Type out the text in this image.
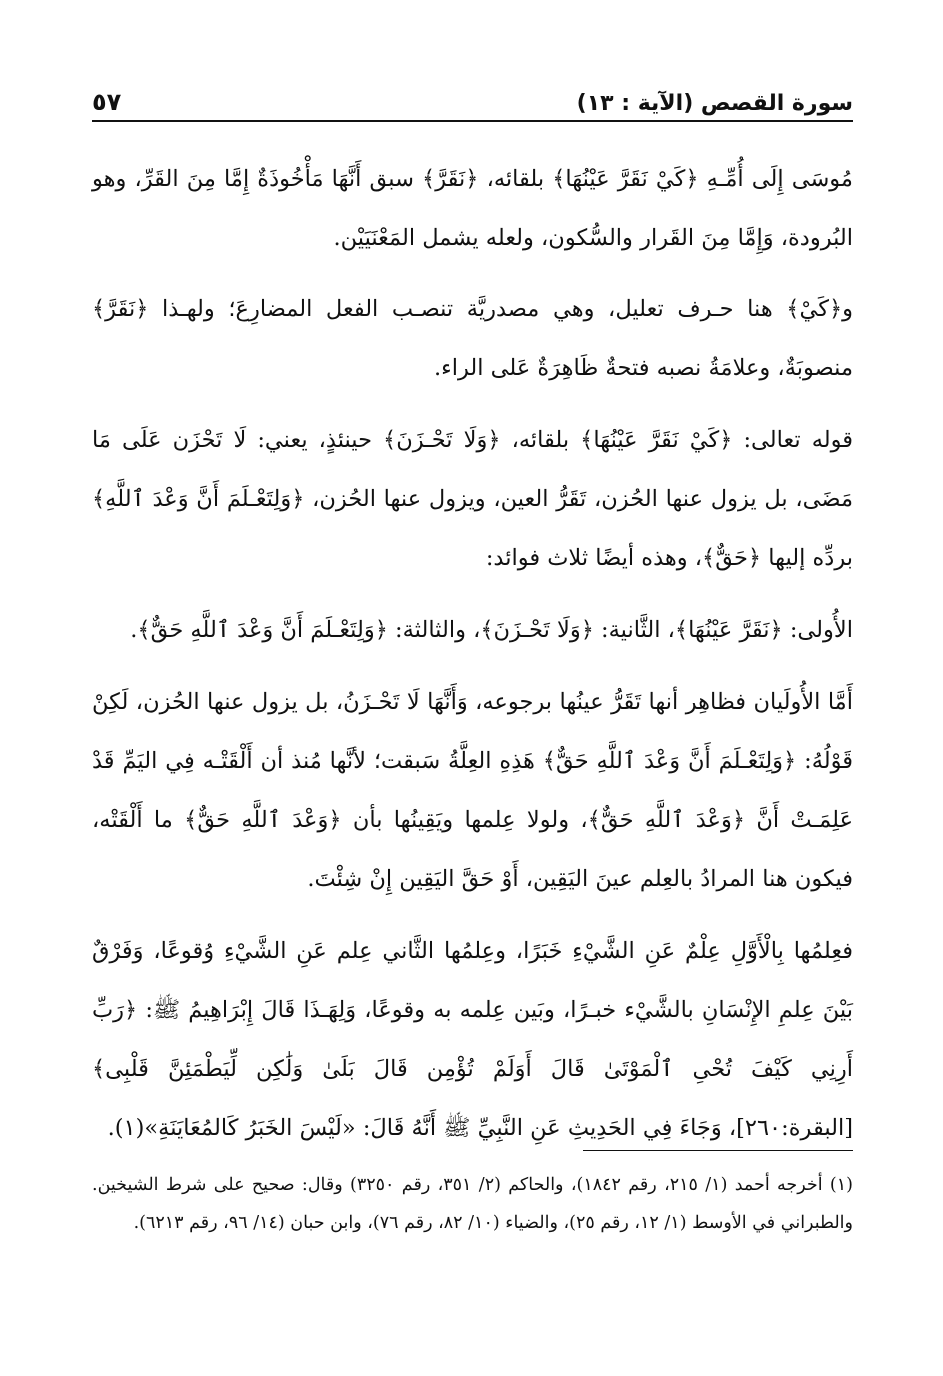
سورة القصص (الآية : ١٣)
٥٧

مُوسَى إِلَى أُمِّـهِ ﴿كَيْ نَقَرَّ عَيْنُهَا﴾ بلقائه، ﴿نَقَرَّ﴾ سبق أَنَّهَا مَأْخُوذَةٌ إِمَّا مِنَ القَرِّ، وهو البُرودة، وَإِمَّا مِنَ القَرار والسُّكون، ولعله يشمل المَعْنَيَيْن.

و﴿كَيْ﴾ هنا حـرف تعليل، وهي مصدريَّة تنصـب الفعل المضارِعَ؛ ولهـذا ﴿نَقَرَّ﴾ منصوبَةٌ، وعلامَةُ نصبه فتحةٌ ظَاهِرَةٌ عَلى الراء.

قوله تعالى: ﴿كَيْ نَقَرَّ عَيْنُهَا﴾ بلقائه، ﴿وَلَا تَحْـزَنَ﴾ حينئذٍ، يعني: لَا تَحْزَن عَلَى مَا مَضَى، بل يزول عنها الحُزن، تَقَرُّ العين، ويزول عنها الحُزن، ﴿وَلِتَعْـلَمَ أَنَّ وَعْدَ ٱللَّهِ﴾ بردِّه إليها ﴿حَقٌّ﴾، وهذه أيضًا ثلاث فوائد:

الأُولى: ﴿نَقَرَّ عَيْنُهَا﴾، الثَّانية: ﴿وَلَا تَحْـزَنَ﴾، والثالثة: ﴿وَلِتَعْـلَمَ أَنَّ وَعْدَ ٱللَّهِ حَقٌّ﴾.

أَمَّا الأُولَيان فظاهِر أنها تَقَرُّ عينُها برجوعه، وَأَنَّهَا لَا تَحْـزَنُ، بل يزول عنها الحُزن، لَكِنْ قَوْلُهُ: ﴿وَلِتَعْـلَمَ أَنَّ وَعْدَ ٱللَّهِ حَقٌّ﴾ هَذِهِ العِلَّةُ سَبقت؛ لأنَّها مُنذ أن أَلْقَتْـه فِي اليَمِّ قَدْ عَلِمَـتْ أَنَّ ﴿وَعْدَ ٱللَّهِ حَقٌّ﴾، ولولا عِلمها ويَقِينُها بأن ﴿وَعْدَ ٱللَّهِ حَقٌّ﴾ ما أَلْقَتْه، فيكون هنا المرادُ بالعِلم عينَ اليَقِين، أَوْ حَقَّ اليَقِين إِنْ شِئْتَ.

فعِلمُها بِالْأَوَّلِ عِلْمٌ عَنِ الشَّيْءِ خَبَرًا، وعِلمُها الثَّاني عِلم عَنِ الشَّيْءِ وُقوعًا، وَفَرْقٌ بَيْنَ عِلمِ الإِنْسَانِ بالشَّيْء خبـرًا، وبَين عِلمه به وقوعًا، وَلِهَـذَا قَالَ إِبْرَاهِيمُ ﷺ: ﴿رَبِّ أَرِنِي كَيْفَ تُحْىِ ٱلْمَوْتَىٰ قَالَ أَوَلَمْ تُؤْمِن قَالَ بَلَىٰ وَلَٰكِن لِّيَطْمَئِنَّ قَلْبِى﴾ [البقرة:٢٦٠]، وَجَاءَ فِي الحَدِيثِ عَنِ النَّبِيِّ ﷺ أَنَّهُ قَالَ: «لَيْسَ الخَبَرُ كَالمُعَايَنَةِ»(١).

(١) أخرجه أحمد (١/ ٢١٥، رقم ١٨٤٢)، والحاكم (٢/ ٣٥١، رقم ٣٢٥٠) وقال: صحيح على شرط الشيخين. والطبراني في الأوسط (١/ ١٢، رقم ٢٥)، والضياء (١٠/ ٨٢، رقم ٧٦)، وابن حبان (١٤/ ٩٦، رقم ٦٢١٣).
